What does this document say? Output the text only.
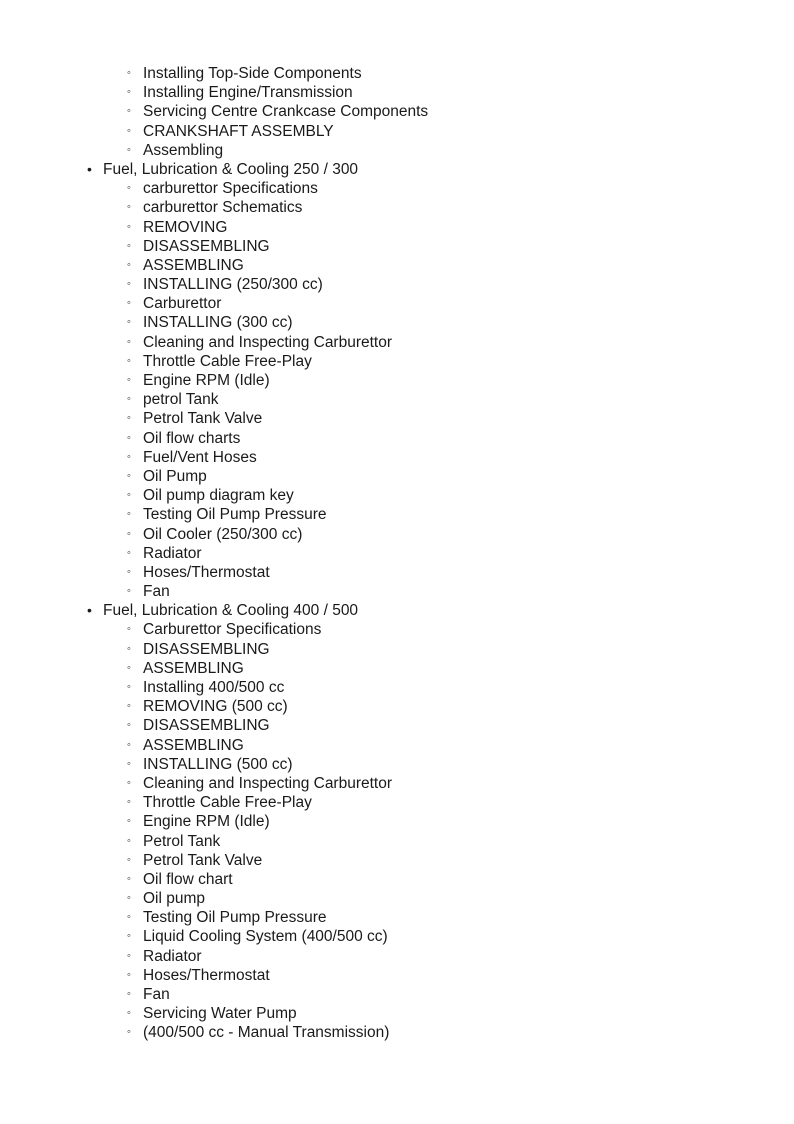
◦ Installing Top-Side Components
◦ Installing Engine/Transmission
◦ Servicing Centre Crankcase Components
◦ CRANKSHAFT ASSEMBLY
◦ Assembling
• Fuel, Lubrication & Cooling 250 / 300
◦ carburettor Specifications
◦ carburettor Schematics
◦ REMOVING
◦ DISASSEMBLING
◦ ASSEMBLING
◦ INSTALLING (250/300 cc)
◦ Carburettor
◦ INSTALLING (300 cc)
◦ Cleaning and Inspecting Carburettor
◦ Throttle Cable Free-Play
◦ Engine RPM (Idle)
◦ petrol Tank
◦ Petrol Tank Valve
◦ Oil flow charts
◦ Fuel/Vent Hoses
◦ Oil Pump
◦ Oil pump diagram key
◦ Testing Oil Pump Pressure
◦ Oil Cooler (250/300 cc)
◦ Radiator
◦ Hoses/Thermostat
◦ Fan
• Fuel, Lubrication & Cooling 400 / 500
◦ Carburettor Specifications
◦ DISASSEMBLING
◦ ASSEMBLING
◦ Installing 400/500 cc
◦ REMOVING (500 cc)
◦ DISASSEMBLING
◦ ASSEMBLING
◦ INSTALLING (500 cc)
◦ Cleaning and Inspecting Carburettor
◦ Throttle Cable Free-Play
◦ Engine RPM (Idle)
◦ Petrol Tank
◦ Petrol Tank Valve
◦ Oil flow chart
◦ Oil pump
◦ Testing Oil Pump Pressure
◦ Liquid Cooling System (400/500 cc)
◦ Radiator
◦ Hoses/Thermostat
◦ Fan
◦ Servicing Water Pump
◦ (400/500 cc - Manual Transmission)
